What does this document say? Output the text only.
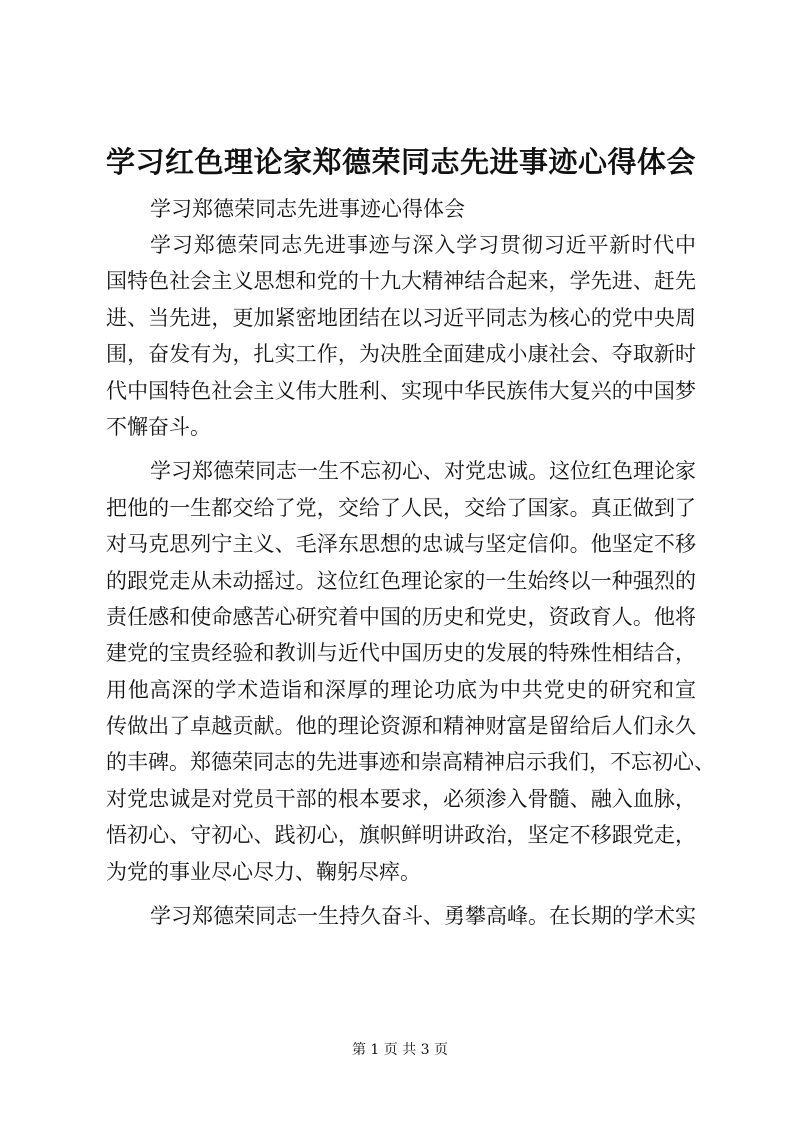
学习红色理论家郑德荣同志先进事迹心得体会

学习郑德荣同志先进事迹心得体会

学习郑德荣同志先进事迹与深入学习贯彻习近平新时代中
国特色社会主义思想和党的十九大精神结合起来，学先进、赶先
进、当先进，更加紧密地团结在以习近平同志为核心的党中央周
围，奋发有为，扎实工作，为决胜全面建成小康社会、夺取新时
代中国特色社会主义伟大胜利、实现中华民族伟大复兴的中国梦
不懈奋斗。
学习郑德荣同志一生不忘初心、对党忠诚。这位红色理论家
把他的一生都交给了党，交给了人民，交给了国家。真正做到了
对马克思列宁主义、毛泽东思想的忠诚与坚定信仰。他坚定不移
的跟党走从未动摇过。这位红色理论家的一生始终以一种强烈的
责任感和使命感苦心研究着中国的历史和党史，资政育人。他将
建党的宝贵经验和教训与近代中国历史的发展的特殊性相结合，
用他高深的学术造诣和深厚的理论功底为中共党史的研究和宣
传做出了卓越贡献。他的理论资源和精神财富是留给后人们永久
的丰碑。郑德荣同志的先进事迹和崇高精神启示我们，不忘初心、
对党忠诚是对党员干部的根本要求，必须渗入骨髓、融入血脉，
悟初心、守初心、践初心，旗帜鲜明讲政治，坚定不移跟党走，
为党的事业尽心尽力、鞠躬尽瘁。
学习郑德荣同志一生持久奋斗、勇攀高峰。在长期的学术实
第 1 页 共 3 页
